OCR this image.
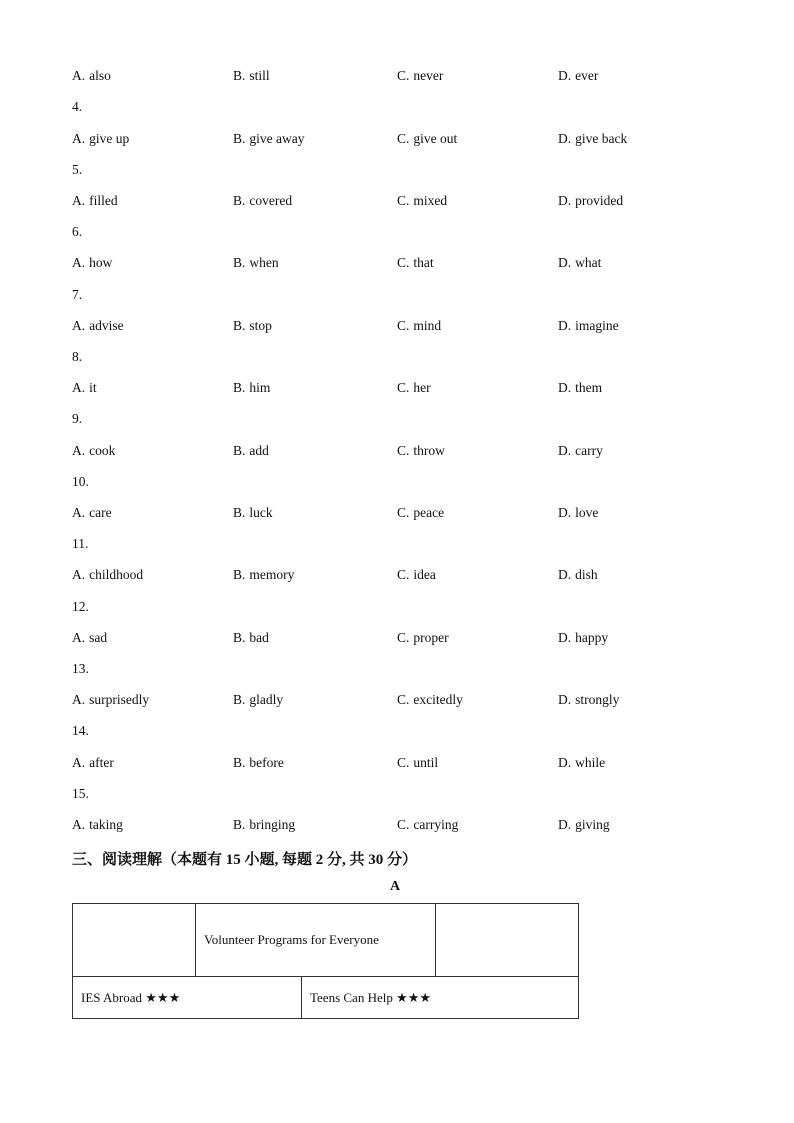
A. also	B. still	C. never	D. ever
4.
A. give up	B. give away	C. give out	D. give back
5.
A. filled	B. covered	C. mixed	D. provided
6.
A. how	B. when	C. that	D. what
7.
A. advise	B. stop	C. mind	D. imagine
8.
A. it	B. him	C. her	D. them
9.
A. cook	B. add	C. throw	D. carry
10.
A. care	B. luck	C. peace	D. love
11.
A. childhood	B. memory	C. idea	D. dish
12.
A. sad	B. bad	C. proper	D. happy
13.
A. surprisedly	B. gladly	C. excitedly	D. strongly
14.
A. after	B. before	C. until	D. while
15.
A. taking	B. bringing	C. carrying	D. giving
三、阅读理解（本题有 15 小题, 每题 2 分, 共 30 分）
A
Volunteer Programs for Everyone
IES Abroad ★★★	Teens Can Help ★★★
